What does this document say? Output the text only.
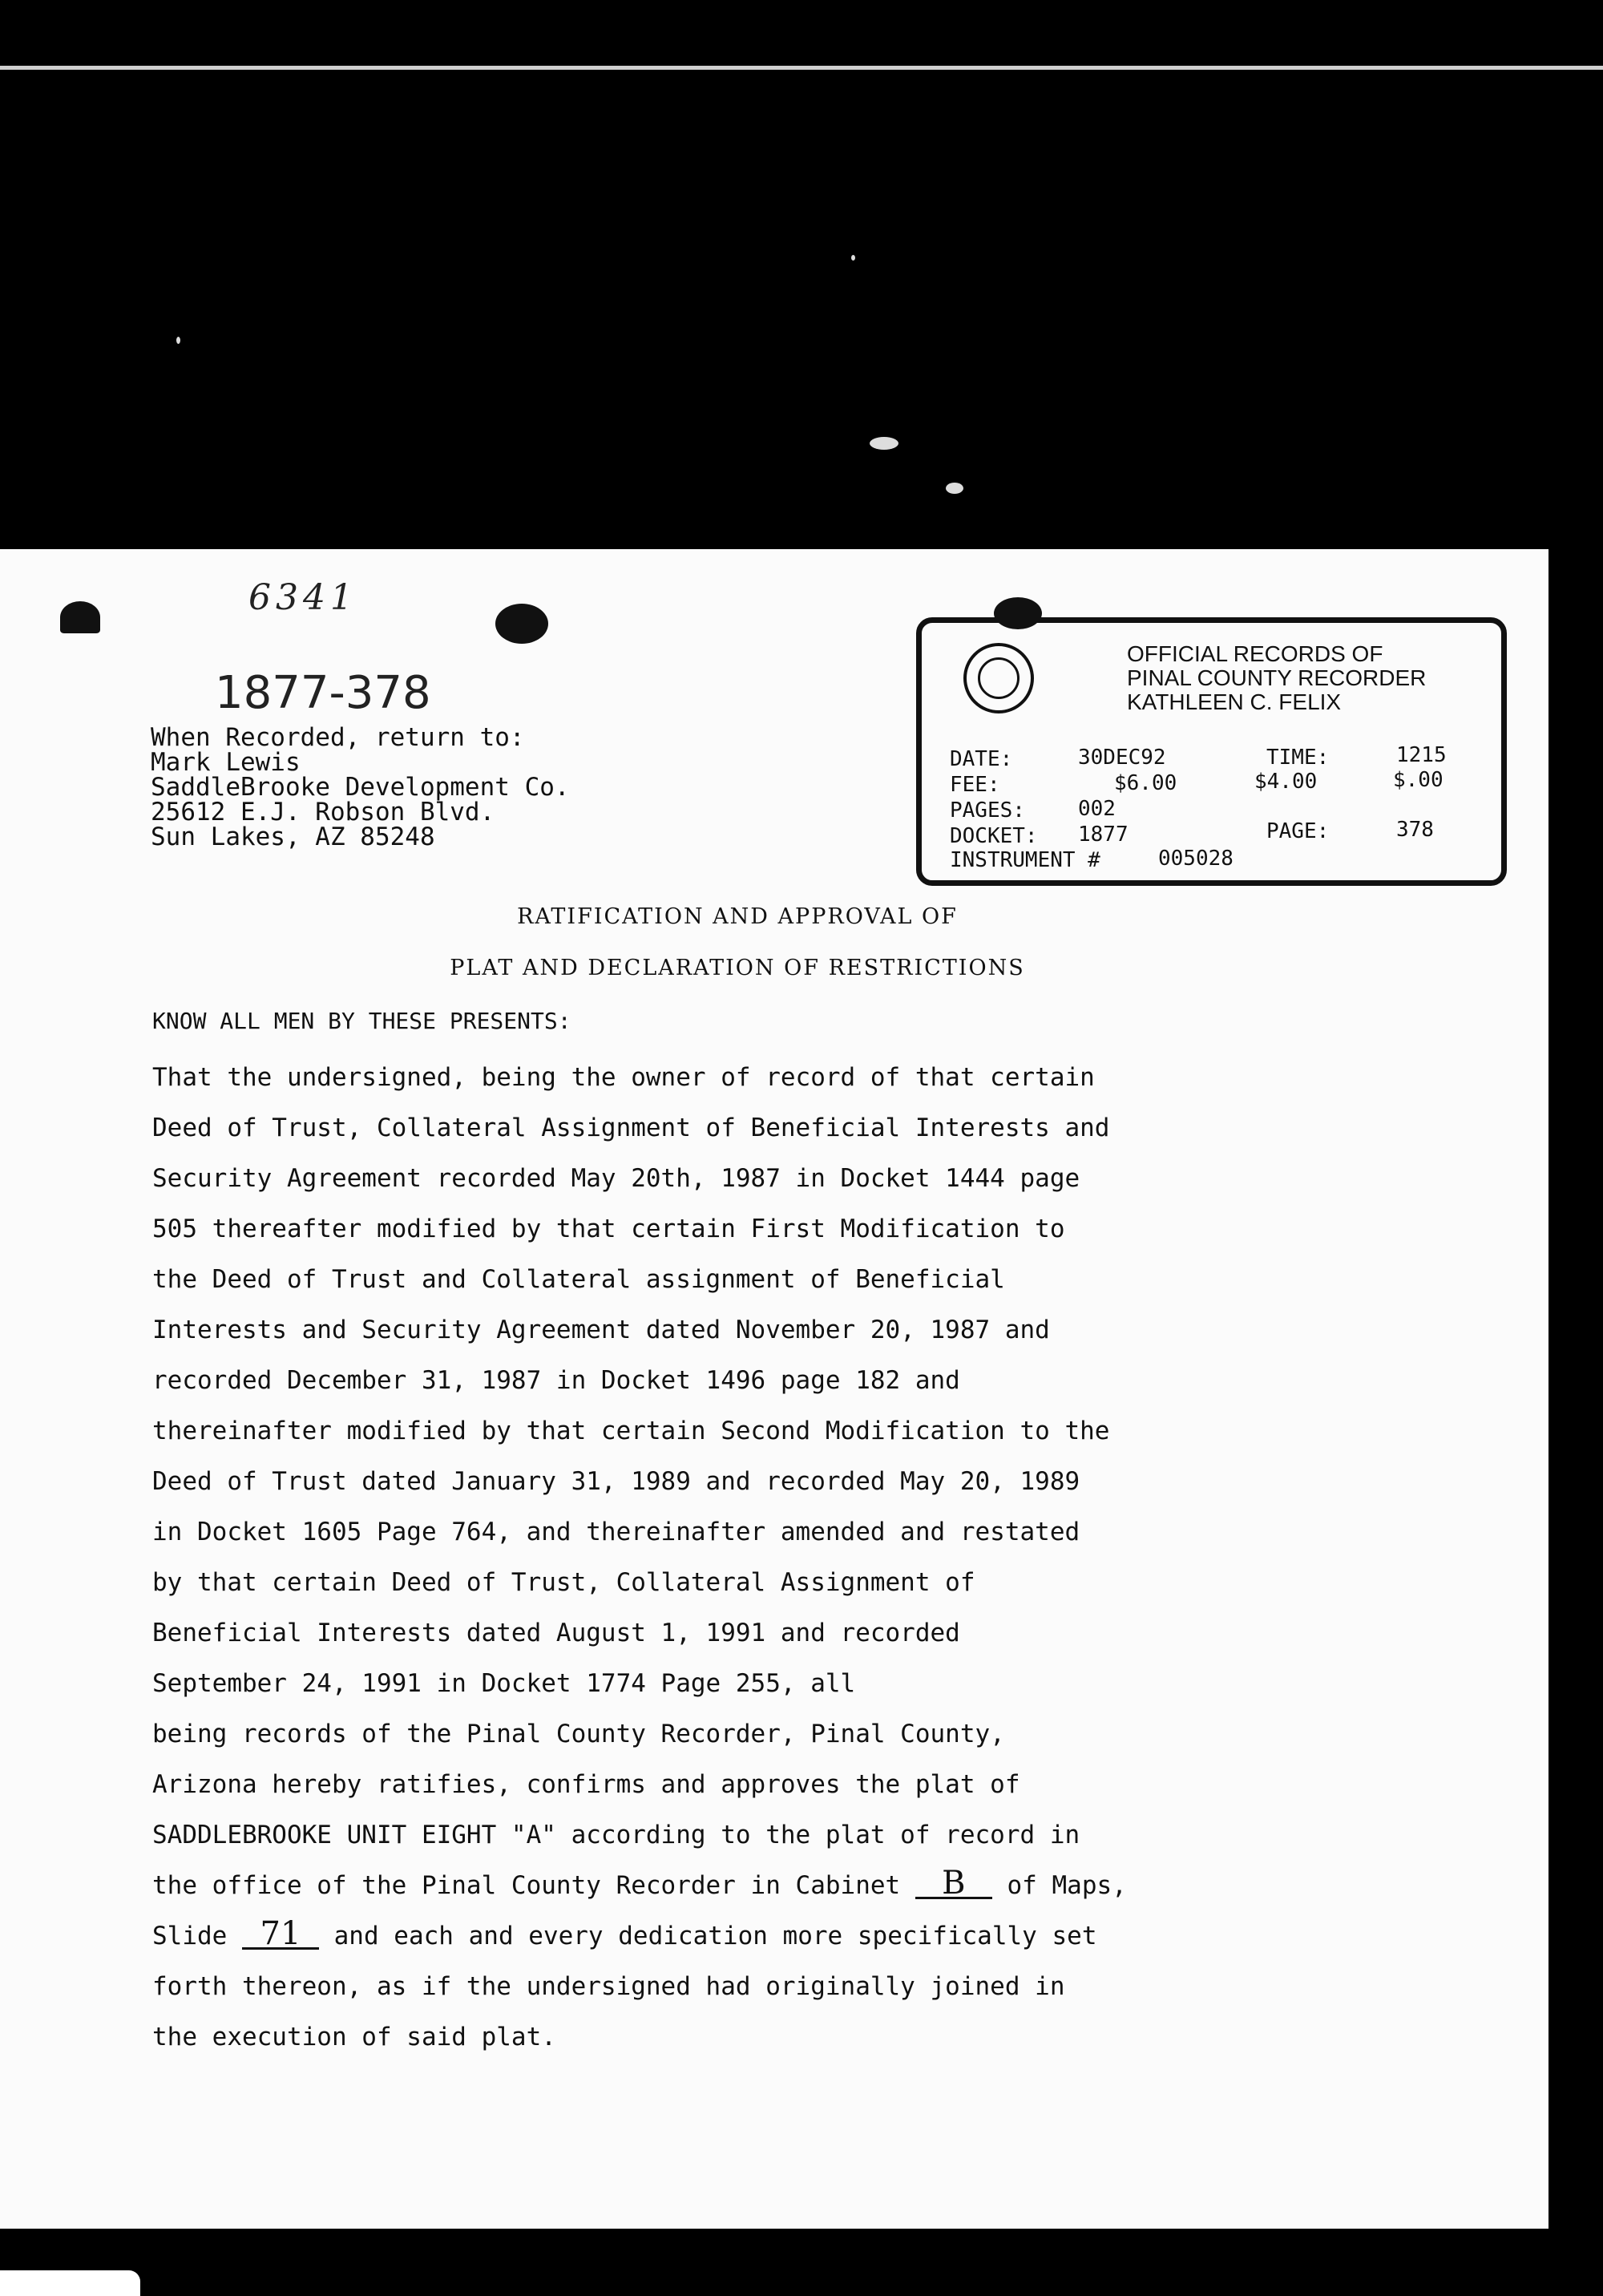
6341
1877-378
When Recorded, return to:
Mark Lewis
SaddleBrooke Development Co.
25612 E.J. Robson Blvd.
Sun Lakes, AZ 85248
OFFICIAL RECORDS OF
PINAL COUNTY RECORDER
KATHLEEN C. FELIX
DATE:	30DEC92	TIME:	1215
FEE:	$6.00	$4.00	$.00
PAGES:	002
DOCKET: 1877	PAGE:	378
INSTRUMENT #	005028
RATIFICATION AND APPROVAL OF
PLAT AND DECLARATION OF RESTRICTIONS
KNOW ALL MEN BY THESE PRESENTS:
That the undersigned, being the owner of record of that certain
Deed of Trust, Collateral Assignment of Beneficial Interests and
Security Agreement recorded May 20th, 1987 in Docket 1444 page
505 thereafter modified by that certain First Modification to
the Deed of Trust and Collateral assignment of Beneficial
Interests and Security Agreement dated November 20, 1987 and
recorded December 31, 1987 in Docket 1496 page 182 and
thereinafter modified by that certain Second Modification to the
Deed of Trust dated January 31, 1989 and recorded May 20, 1989
in Docket 1605 Page 764, and thereinafter amended and restated
by that certain Deed of Trust, Collateral Assignment of
Beneficial Interests dated August 1, 1991 and recorded
September 24, 1991 in Docket 1774 Page 255, all
being records of the Pinal County Recorder, Pinal County,
Arizona hereby ratifies, confirms and approves the plat of
SADDLEBROOKE UNIT EIGHT "A" according to the plat of record in
the office of the Pinal County Recorder in Cabinet B of Maps,
Slide 71 and each and every dedication more specifically set
forth thereon, as if the undersigned had originally joined in
the execution of said plat.
